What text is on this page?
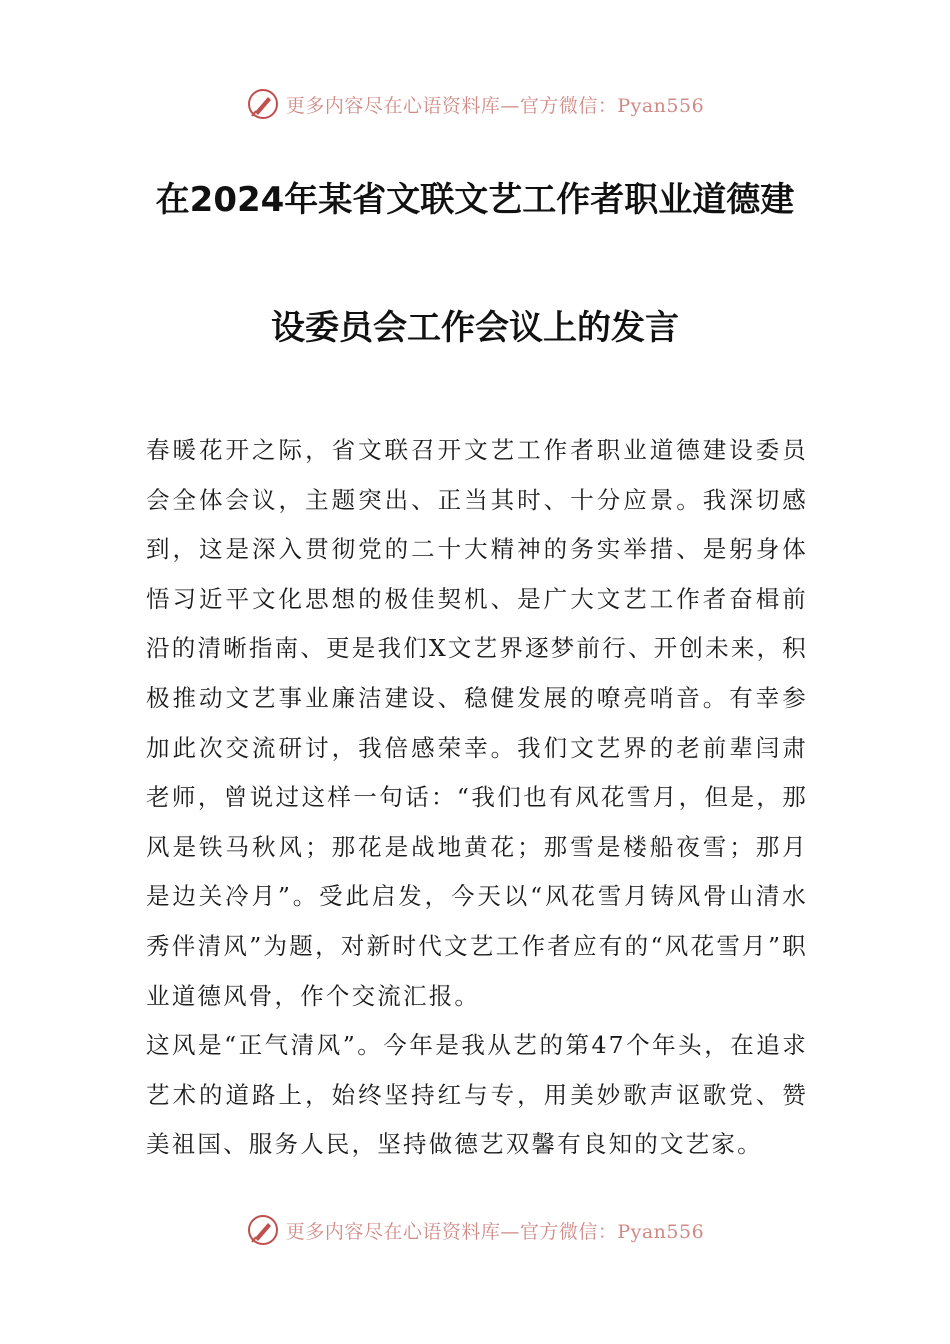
更多内容尽在心语资料库—官方微信：Pyan556
在2024年某省文联文艺工作者职业道德建
设委员会工作会议上的发言

春暖花开之际，省文联召开文艺工作者职业道德建设委员会全体会议，主题突出、正当其时、十分应景。我深切感到，这是深入贯彻党的二十大精神的务实举措、是躬身体悟习近平文化思想的极佳契机、是广大文艺工作者奋楫前沿的清晰指南、更是我们X文艺界逐梦前行、开创未来，积极推动文艺事业廉洁建设、稳健发展的嘹亮哨音。有幸参加此次交流研讨，我倍感荣幸。我们文艺界的老前辈闫肃老师，曾说过这样一句话：“我们也有风花雪月，但是，那风是铁马秋风；那花是战地黄花；那雪是楼船夜雪；那月是边关冷月”。受此启发，今天以“风花雪月铸风骨山清水秀伴清风”为题，对新时代文艺工作者应有的“风花雪月”职业道德风骨，作个交流汇报。

这风是“正气清风”。今年是我从艺的第47个年头，在追求艺术的道路上，始终坚持红与专，用美妙歌声讴歌党、赞美祖国、服务人民，坚持做德艺双馨有良知的文艺家。

更多内容尽在心语资料库—官方微信：Pyan556
